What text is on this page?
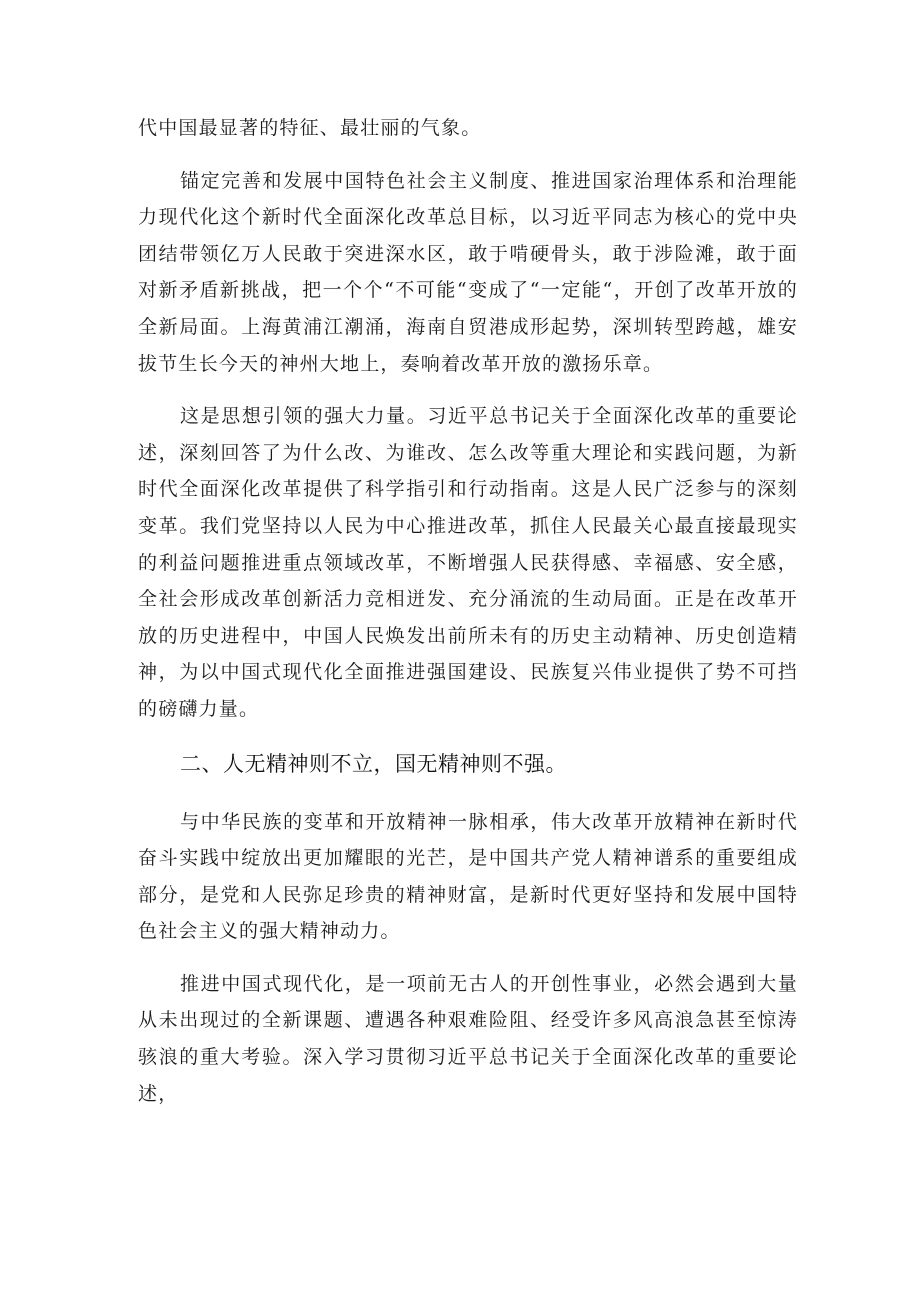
代中国最显著的特征、最壮丽的气象。

锚定完善和发展中国特色社会主义制度、推进国家治理体系和治理能力现代化这个新时代全面深化改革总目标，以习近平同志为核心的党中央团结带领亿万人民敢于突进深水区，敢于啃硬骨头，敢于涉险滩，敢于面对新矛盾新挑战，把一个个“不可能“变成了“一定能“，开创了改革开放的全新局面。上海黄浦江潮涌，海南自贸港成形起势，深圳转型跨越，雄安拔节生长今天的神州大地上，奏响着改革开放的激扬乐章。

这是思想引领的强大力量。习近平总书记关于全面深化改革的重要论述，深刻回答了为什么改、为谁改、怎么改等重大理论和实践问题，为新时代全面深化改革提供了科学指引和行动指南。这是人民广泛参与的深刻变革。我们党坚持以人民为中心推进改革，抓住人民最关心最直接最现实的利益问题推进重点领域改革，不断增强人民获得感、幸福感、安全感，全社会形成改革创新活力竞相迸发、充分涌流的生动局面。正是在改革开放的历史进程中，中国人民焕发出前所未有的历史主动精神、历史创造精神，为以中国式现代化全面推进强国建设、民族复兴伟业提供了势不可挡的磅礴力量。

二、人无精神则不立，国无精神则不强。

与中华民族的变革和开放精神一脉相承，伟大改革开放精神在新时代奋斗实践中绽放出更加耀眼的光芒，是中国共产党人精神谱系的重要组成部分，是党和人民弥足珍贵的精神财富，是新时代更好坚持和发展中国特色社会主义的强大精神动力。

推进中国式现代化，是一项前无古人的开创性事业，必然会遇到大量从未出现过的全新课题、遭遇各种艰难险阻、经受许多风高浪急甚至惊涛骇浪的重大考验。深入学习贯彻习近平总书记关于全面深化改革的重要论述，
